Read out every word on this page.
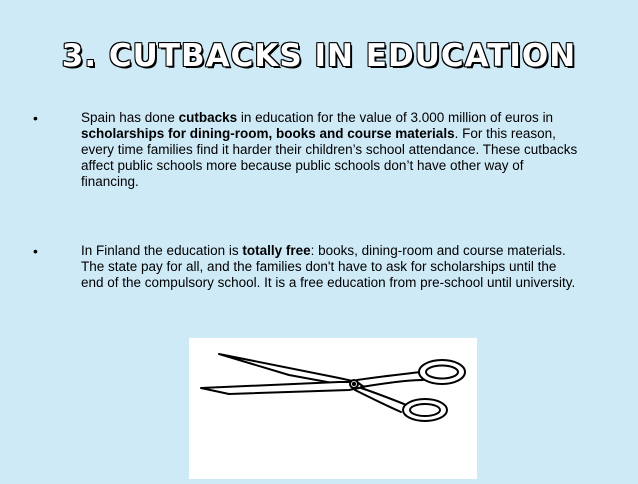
3. CUTBACKS IN EDUCATION
•	Spain has done cutbacks in education for the value of 3.000 million of euros in scholarships for dining-room, books and course materials. For this reason, every time families find it harder their children’s school attendance. These cutbacks affect public schools more because public schools don’t have other way of financing.
•	In Finland the education is totally free: books, dining-room and course materials. The state pay for all, and the families don't have to ask for scholarships until the end of the compulsory school. It is a free education from pre-school until university.
